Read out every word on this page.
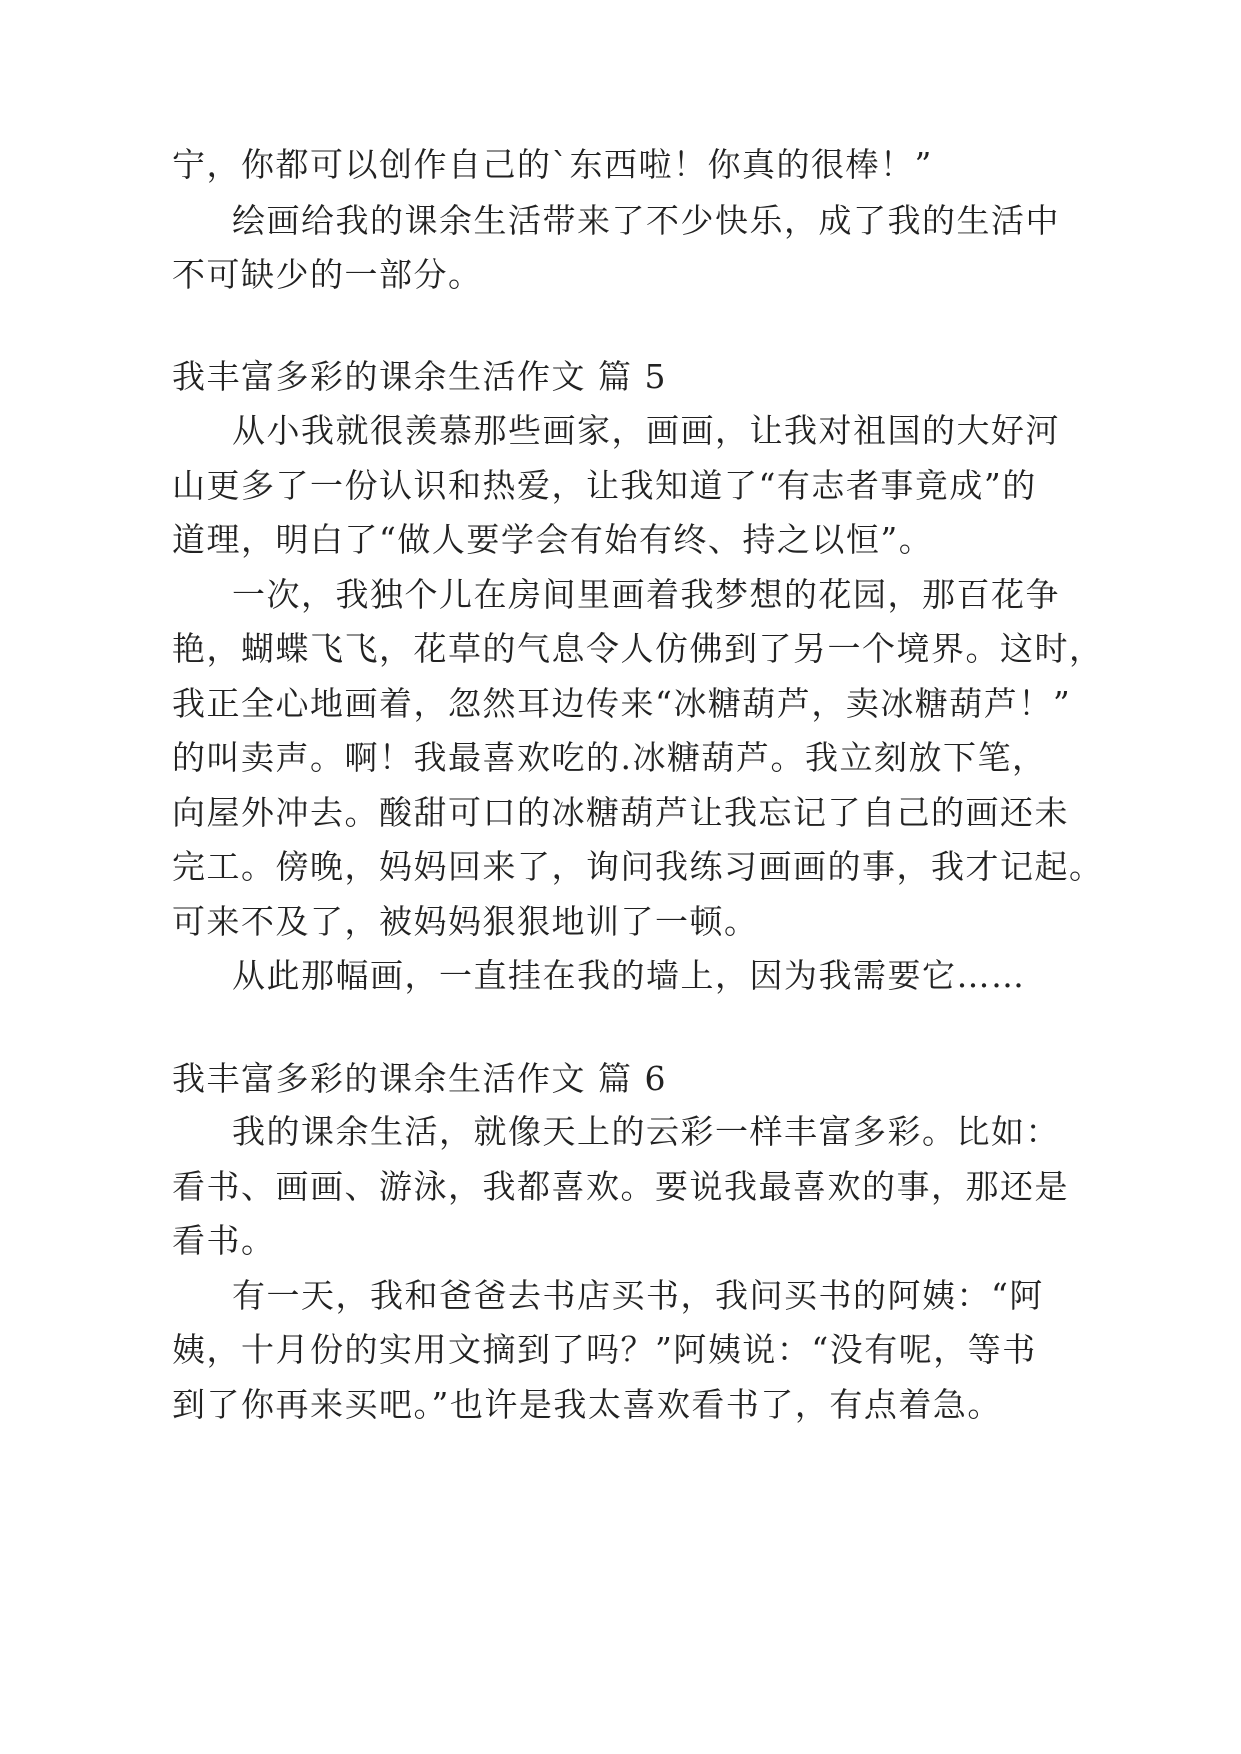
宁，你都可以创作自己的`东西啦！你真的很棒！”

绘画给我的课余生活带来了不少快乐，成了我的生活中

不可缺少的一部分。

我丰富多彩的课余生活作文 篇 5

从小我就很羡慕那些画家，画画，让我对祖国的大好河

山更多了一份认识和热爱，让我知道了“有志者事竟成”的

道理，明白了“做人要学会有始有终、持之以恒”。

一次，我独个儿在房间里画着我梦想的花园，那百花争

艳，蝴蝶飞飞，花草的气息令人仿佛到了另一个境界。这时，

我正全心地画着，忽然耳边传来“冰糖葫芦，卖冰糖葫芦！”

的叫卖声。啊！我最喜欢吃的.冰糖葫芦。我立刻放下笔，

向屋外冲去。酸甜可口的冰糖葫芦让我忘记了自己的画还未

完工。傍晚，妈妈回来了，询问我练习画画的事，我才记起。

可来不及了，被妈妈狠狠地训了一顿。

从此那幅画，一直挂在我的墙上，因为我需要它……

我丰富多彩的课余生活作文 篇 6

我的课余生活，就像天上的云彩一样丰富多彩。比如：

看书、画画、游泳，我都喜欢。要说我最喜欢的事，那还是

看书。

有一天，我和爸爸去书店买书，我问买书的阿姨：“阿

姨，十月份的实用文摘到了吗？”阿姨说：“没有呢，等书

到了你再来买吧。”也许是我太喜欢看书了，有点着急。
